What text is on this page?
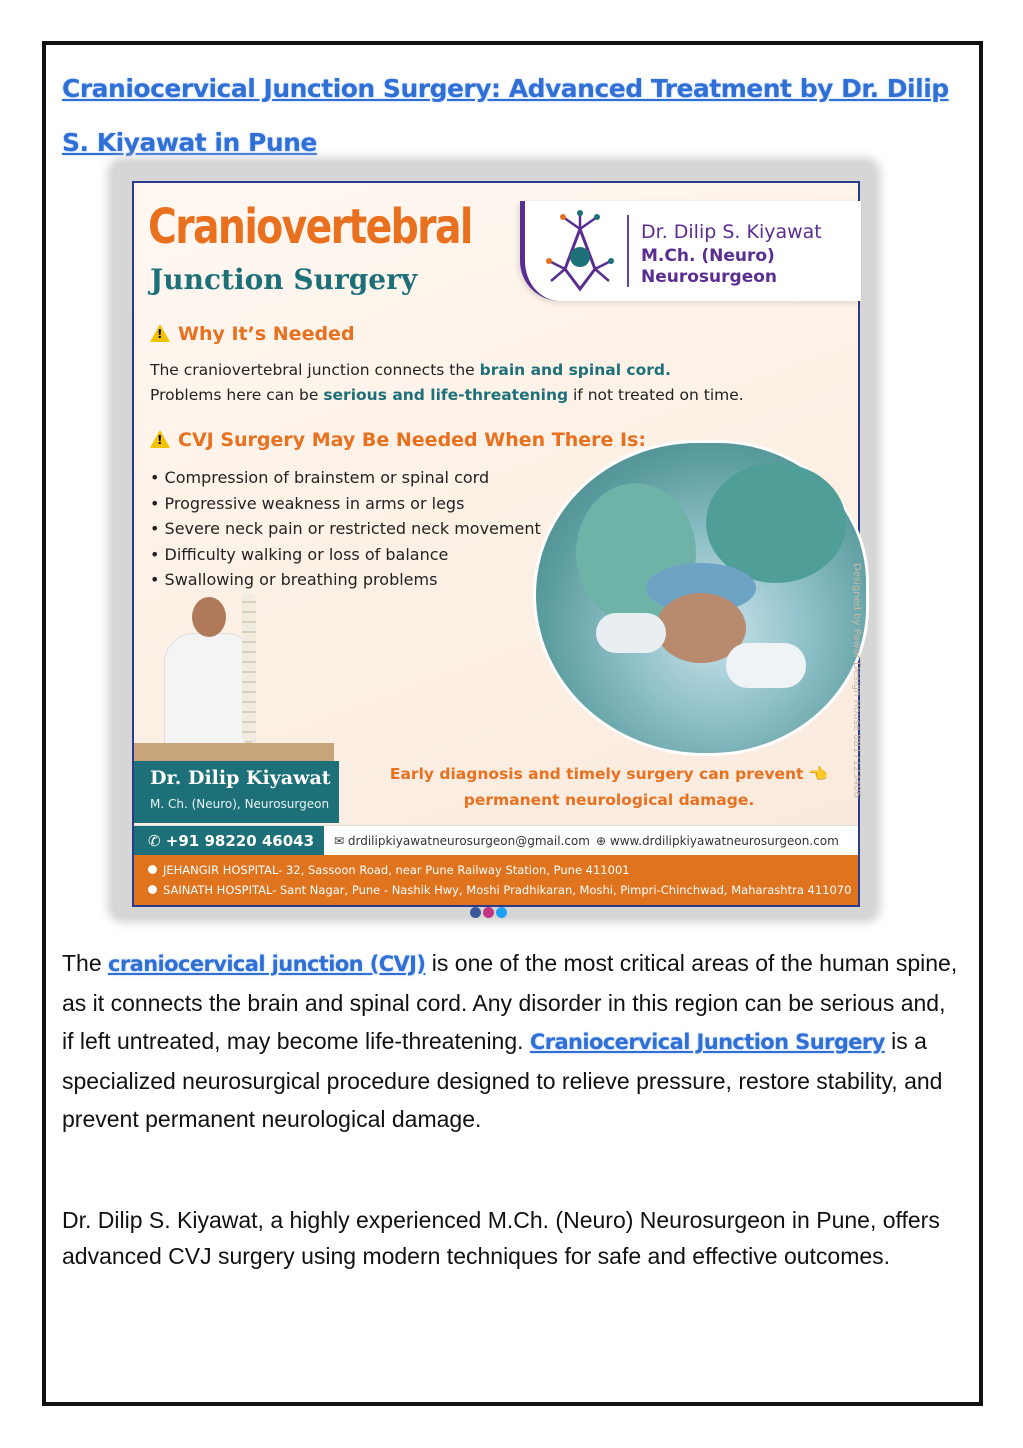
Craniocervical Junction Surgery: Advanced Treatment by Dr. Dilip S. Kiyawat in Pune
Craniovertebral
Junction Surgery
Dr. Dilip S. Kiyawat
M.Ch. (Neuro)
Neurosurgeon
!Why It’s Needed
The craniovertebral junction connects the brain and spinal cord.
Problems here can be serious and life-threatening if not treated on time.
!CVJ Surgery May Be Needed When There Is:
• Compression of brainstem or spinal cord
• Progressive weakness in arms or legs
• Severe neck pain or restricted neck movement
• Difficulty walking or loss of balance
• Swallowing or breathing problems
Dr. Dilip Kiyawat
M. Ch. (Neuro), Neurosurgeon
Early diagnosis and timely surgery can prevent 👈
permanent neurological damage.
✆ +91 98220 46043	✉ drdilipkiyawatneurosurgeon@gmail.com ⊕ www.drdilipkiyawatneurosurgeon.com
JEHANGIR HOSPITAL- 32, Sassoon Road, near Pune Railway Station, Pune 411001
SAINATH HOSPITAL- Sant Nagar, Pune - Nashik Hwy, Moshi Pradhikaran, Moshi, Pimpri-Chinchwad, Maharashtra 411070
Designed by Pawar Design House 8817123406
The craniocervical junction (CVJ) is one of the most critical areas of the human spine, as it connects the brain and spinal cord. Any disorder in this region can be serious and, if left untreated, may become life-threatening. Craniocervical Junction Surgery is a specialized neurosurgical procedure designed to relieve pressure, restore stability, and prevent permanent neurological damage.
Dr. Dilip S. Kiyawat, a highly experienced M.Ch. (Neuro) Neurosurgeon in Pune, offers advanced CVJ surgery using modern techniques for safe and effective outcomes.
